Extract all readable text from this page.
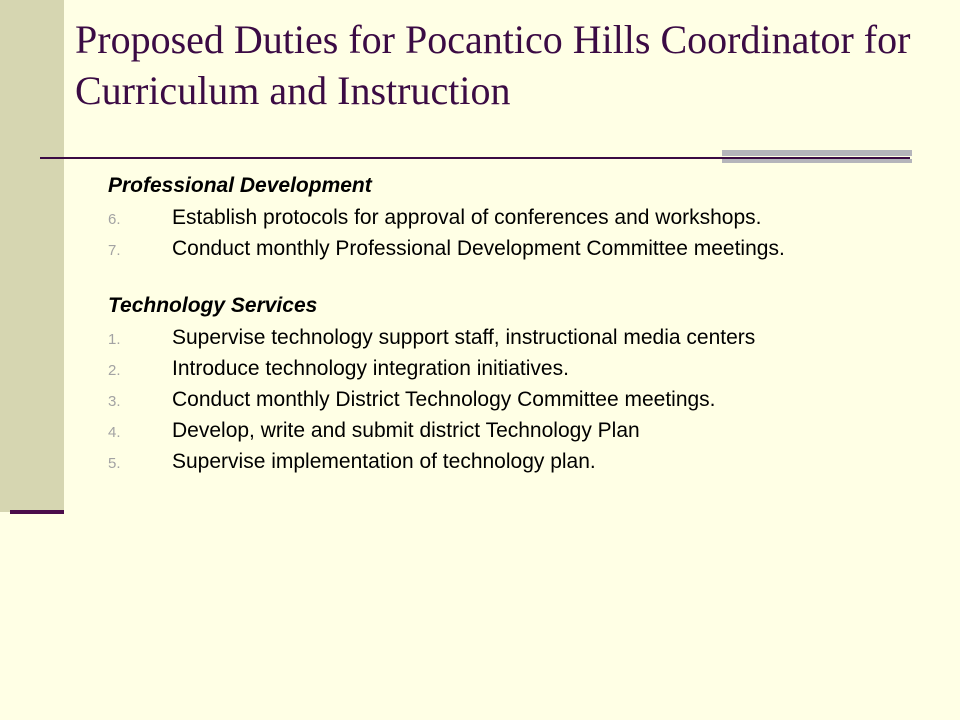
Proposed Duties for Pocantico Hills Coordinator for Curriculum and Instruction
Professional Development
6.	Establish protocols for approval of conferences and workshops.
7.	Conduct monthly Professional Development Committee meetings.
Technology Services
1.	Supervise technology support staff, instructional media centers
2.	Introduce technology integration initiatives.
3.	Conduct monthly District Technology Committee meetings.
4.	Develop, write and submit district Technology Plan
5.	Supervise implementation of technology plan.
